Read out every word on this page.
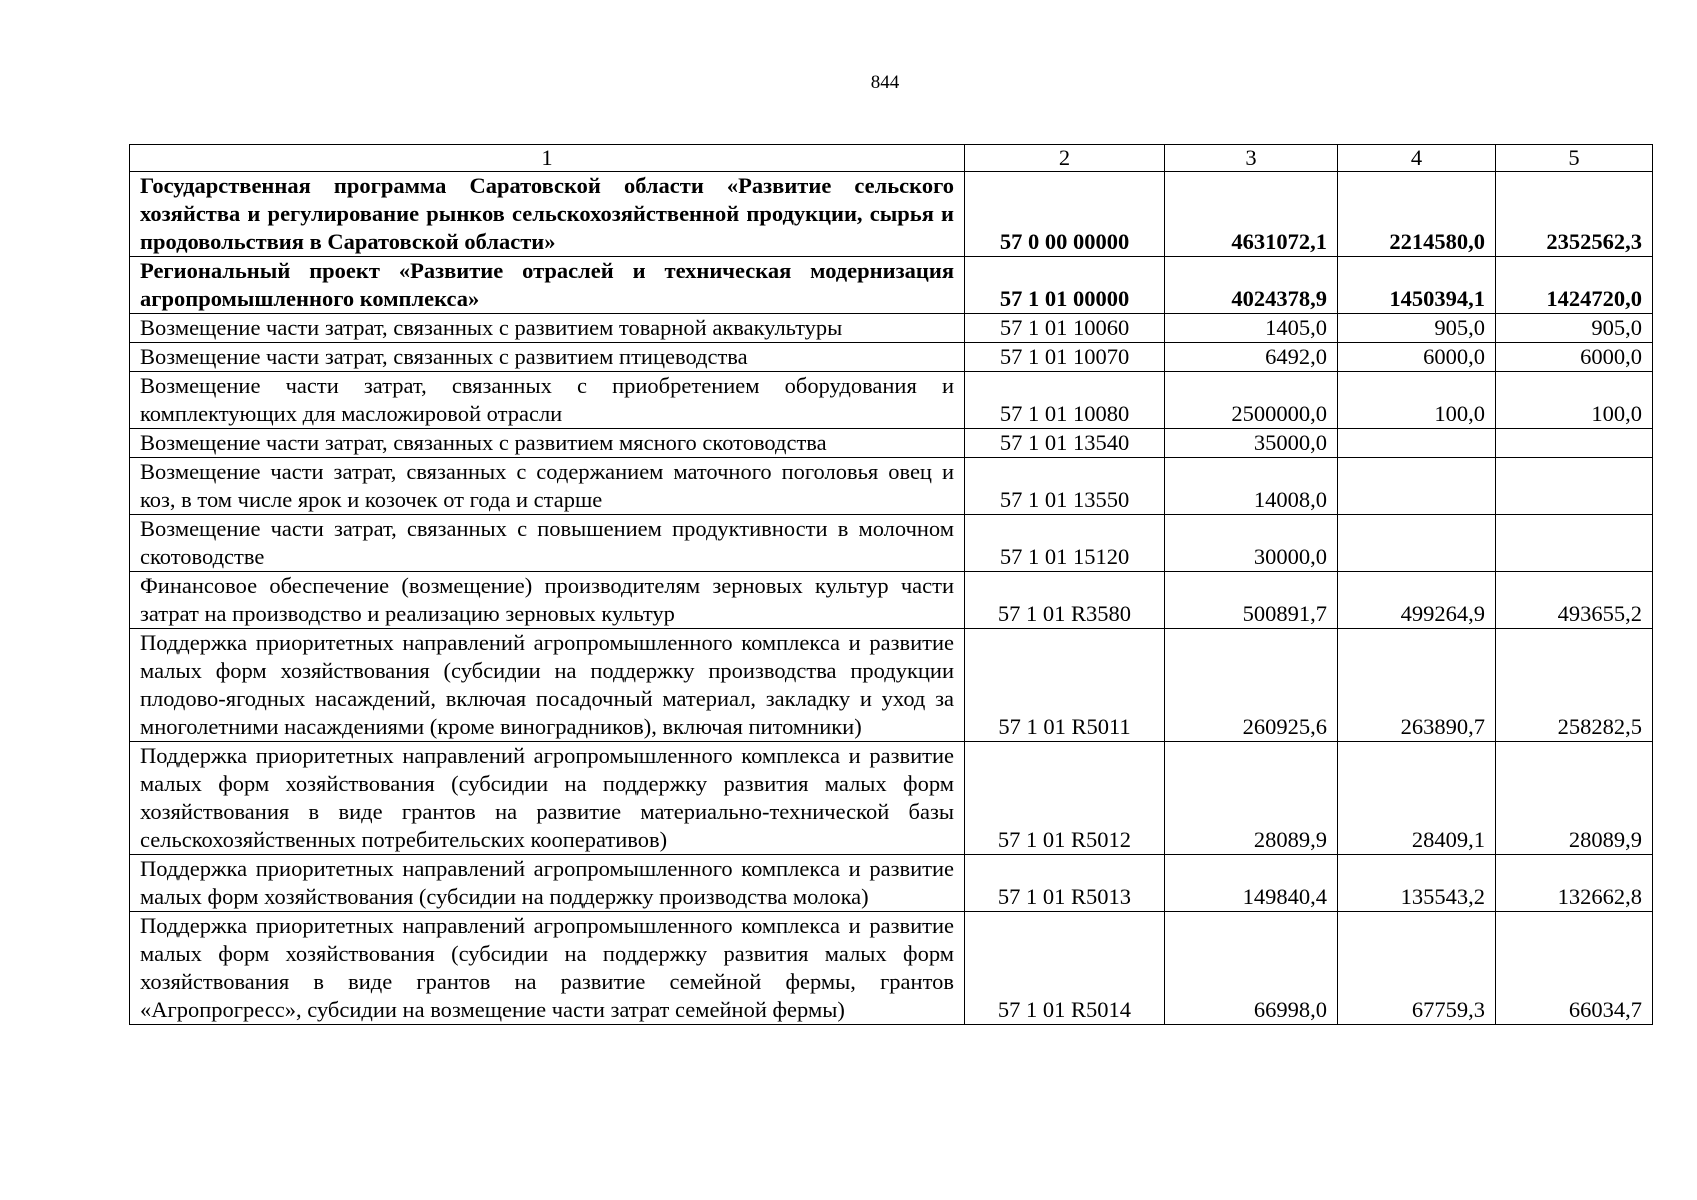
844
1	2	3	4	5
Государственная программа Саратовской области «Развитие сельского хозяйства и регулирование рынков сельскохозяйственной продукции, сырья и продовольствия в Саратовской области»	57 0 00 00000	4631072,1	2214580,0	2352562,3
Региональный проект «Развитие отраслей и техническая модернизация агропромышленного комплекса»	57 1 01 00000	4024378,9	1450394,1	1424720,0
Возмещение части затрат, связанных с развитием товарной аквакультуры	57 1 01 10060	1405,0	905,0	905,0
Возмещение части затрат, связанных с развитием птицеводства	57 1 01 10070	6492,0	6000,0	6000,0
Возмещение части затрат, связанных с приобретением оборудования и комплектующих для масложировой отрасли	57 1 01 10080	2500000,0	100,0	100,0
Возмещение части затрат, связанных с развитием мясного скотоводства	57 1 01 13540	35000,0		
Возмещение части затрат, связанных с содержанием маточного поголовья овец и коз, в том числе ярок и козочек от года и старше	57 1 01 13550	14008,0		
Возмещение части затрат, связанных с повышением продуктивности в молочном скотоводстве	57 1 01 15120	30000,0		
Финансовое обеспечение (возмещение) производителям зерновых культур части затрат на производство и реализацию зерновых культур	57 1 01 R3580	500891,7	499264,9	493655,2
Поддержка приоритетных направлений агропромышленного комплекса и развитие малых форм хозяйствования (субсидии на поддержку производства продукции плодово-ягодных насаждений, включая посадочный материал, закладку и уход за многолетними насаждениями (кроме виноградников), включая питомники)	57 1 01 R5011	260925,6	263890,7	258282,5
Поддержка приоритетных направлений агропромышленного комплекса и развитие малых форм хозяйствования (субсидии на поддержку развития малых форм хозяйствования в виде грантов на развитие материально-технической базы сельскохозяйственных потребительских кооперативов)	57 1 01 R5012	28089,9	28409,1	28089,9
Поддержка приоритетных направлений агропромышленного комплекса и развитие малых форм хозяйствования (субсидии на поддержку производства молока)	57 1 01 R5013	149840,4	135543,2	132662,8
Поддержка приоритетных направлений агропромышленного комплекса и развитие малых форм хозяйствования (субсидии на поддержку развития малых форм хозяйствования в виде грантов на развитие семейной фермы, грантов «Агропрогресс», субсидии на возмещение части затрат семейной фермы)	57 1 01 R5014	66998,0	67759,3	66034,7
